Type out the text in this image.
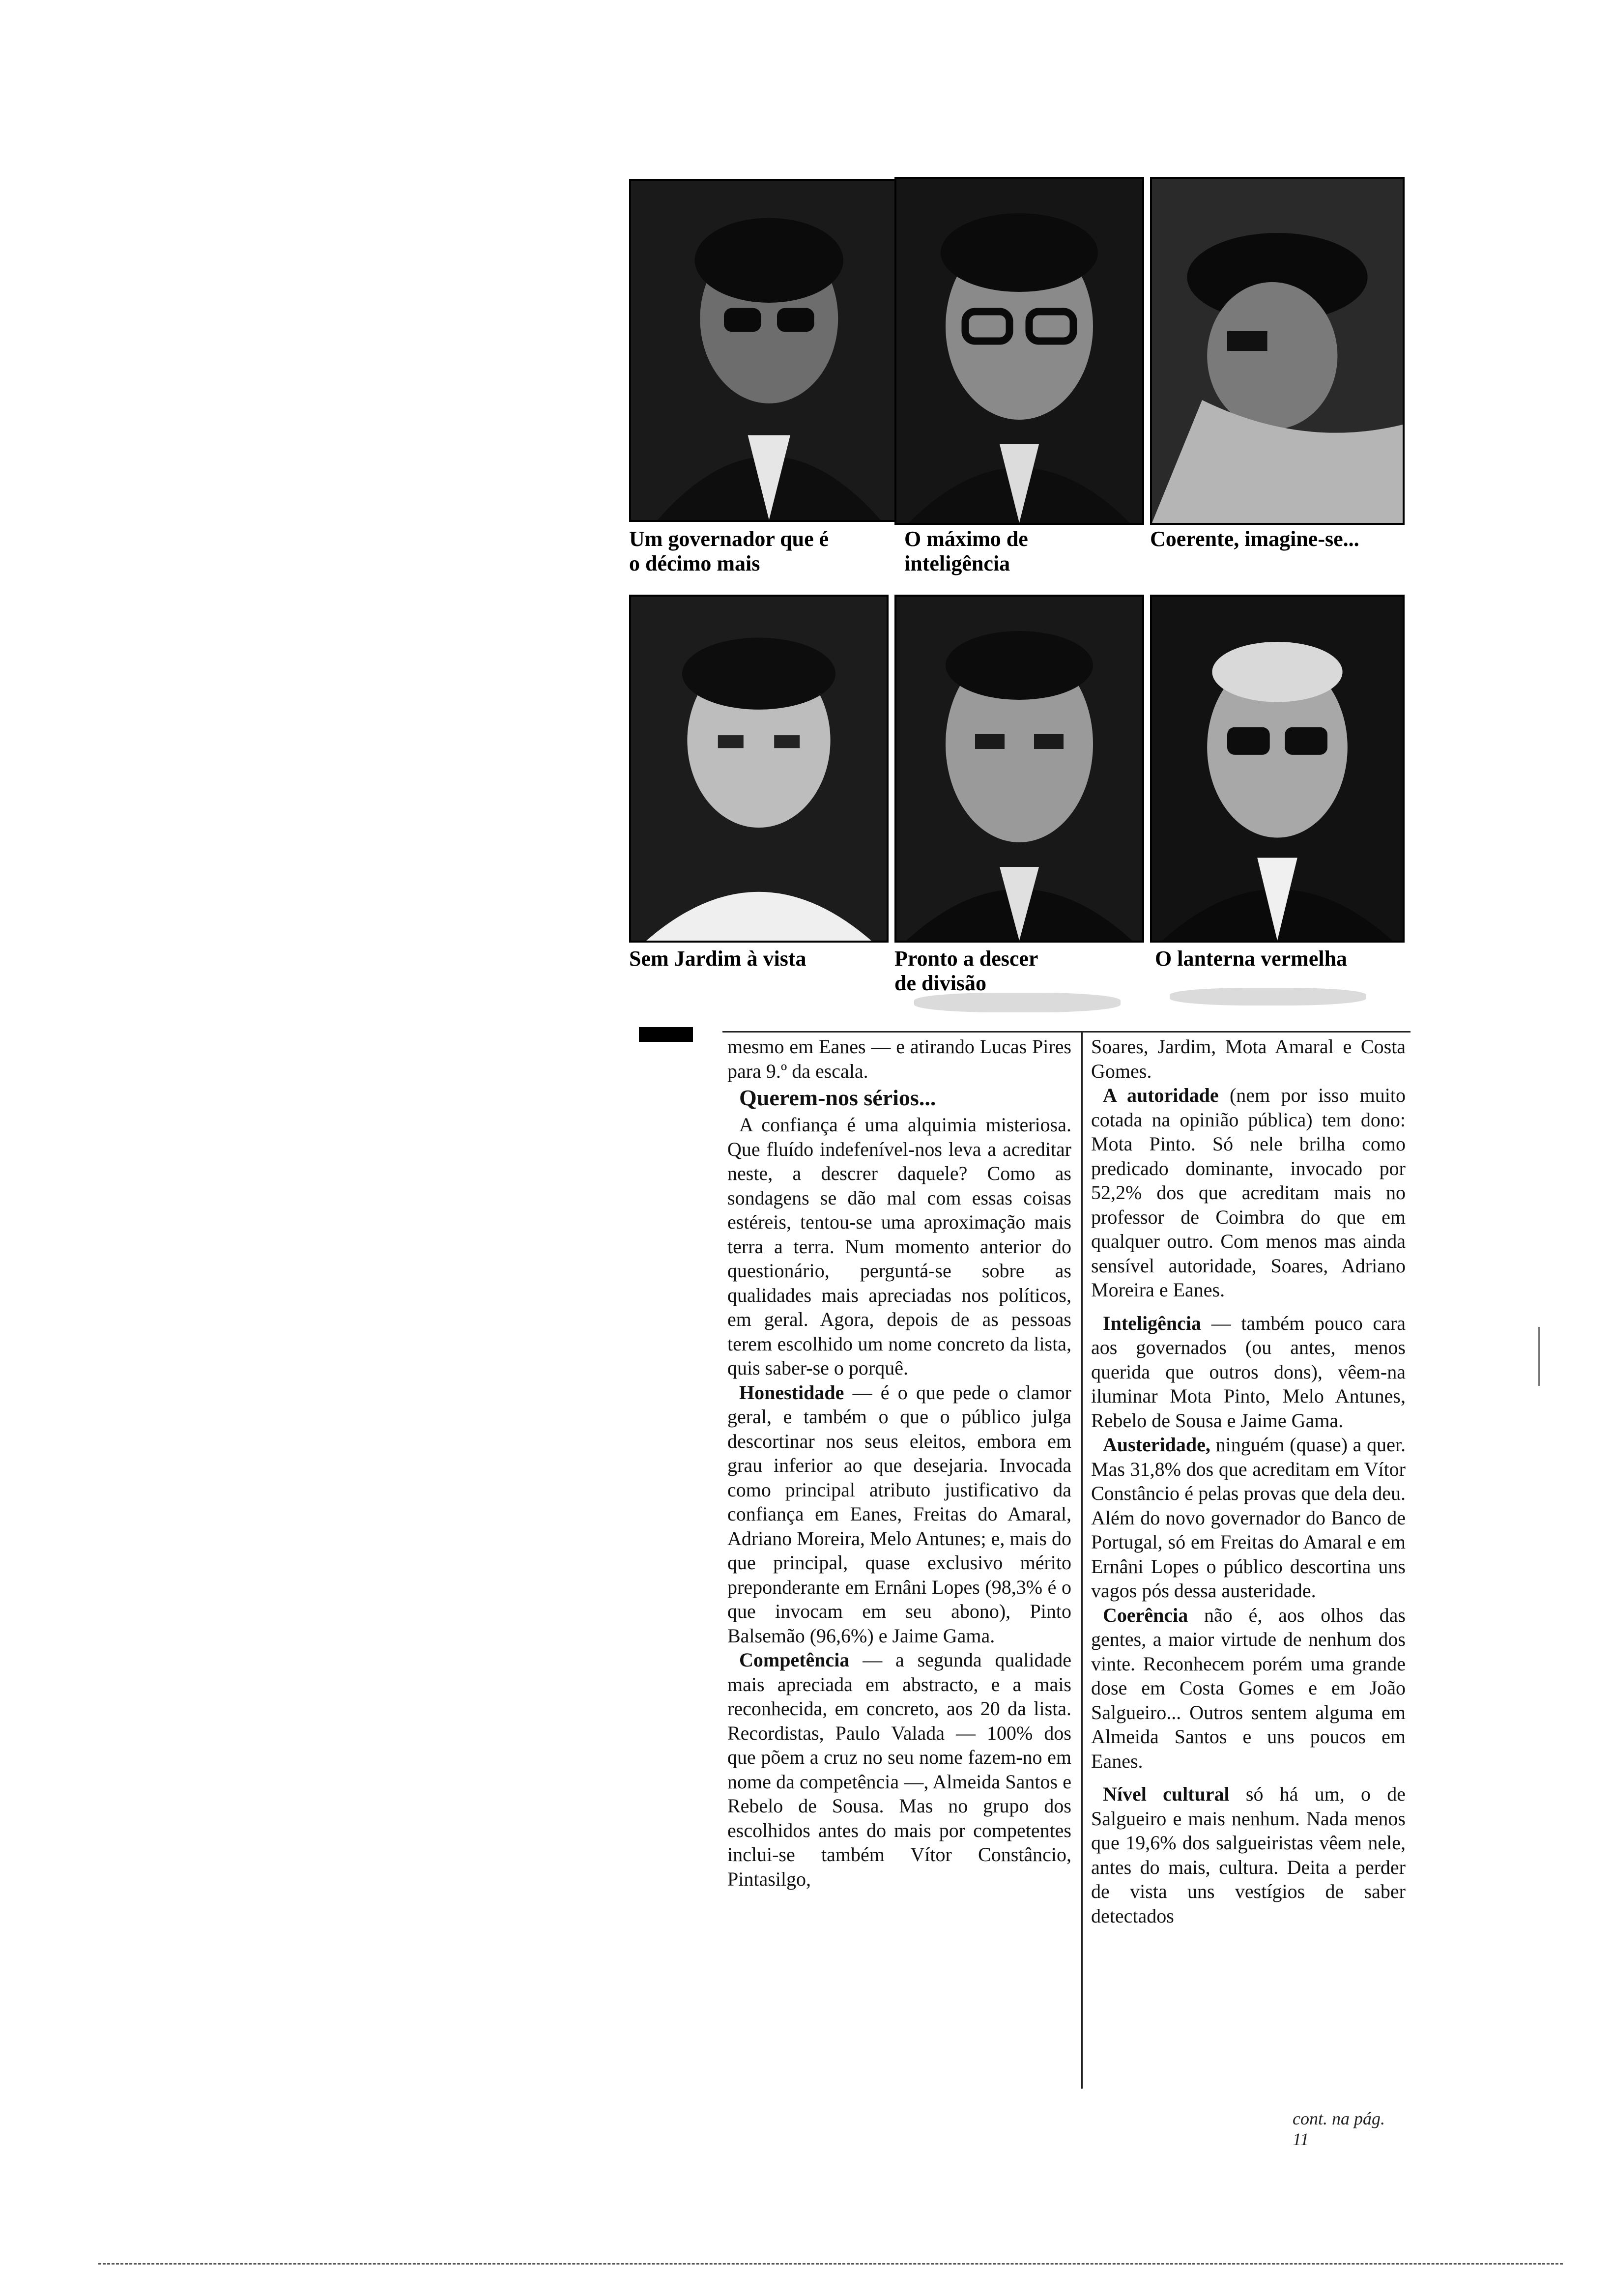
Um governador que é o décimo mais

O máximo de inteligência

Coerente, imagine-se...

Sem Jardim à vista	Pronto a descer de divisão

O lanterna vermelha

mesmo em Eanes — e atirando Lucas Pires para 9.º da escala.

Querem-nos sérios...

A confiança é uma alquimia misteriosa. Que fluído indefenível-nos leva a acreditar neste, a descrer daquele? Como as sondagens se dão mal com essas coisas estéreis, tentou-se uma aproximação mais terra a terra. Num momento anterior do questionário, perguntá-se sobre as qualidades mais apreciadas nos políticos, em geral. Agora, depois de as pessoas terem escolhido um nome concreto da lista, quis saber-se o porquê.

Honestidade — é o que pede o clamor geral, e também o que o público julga descortinar nos seus eleitos, embora em grau inferior ao que desejaria. Invocada como principal atributo justificativo da confiança em Eanes, Freitas do Amaral, Adriano Moreira, Melo Antunes; e, mais do que principal, quase exclusivo mérito preponderante em Ernâni Lopes (98,3% é o que invocam em seu abono), Pinto Balsemão (96,6%) e Jaime Gama.

Competência — a segunda qualidade mais apreciada em abstracto, e a mais reconhecida, em concreto, aos 20 da lista. Recordistas, Paulo Valada — 100% dos que põem a cruz no seu nome fazem-no em nome da competência —, Almeida Santos e Rebelo de Sousa. Mas no grupo dos escolhidos antes do mais por competentes inclui-se também Vítor Constâncio, Pintasilgo,

Soares, Jardim, Mota Amaral e Costa Gomes.

A autoridade (nem por isso muito cotada na opinião pública) tem dono: Mota Pinto. Só nele brilha como predicado dominante, invocado por 52,2% dos que acreditam mais no professor de Coimbra do que em qualquer outro. Com menos mas ainda sensível autoridade, Soares, Adriano Moreira e Eanes.

Inteligência — também pouco cara aos governados (ou antes, menos querida que outros dons), vêem-na iluminar Mota Pinto, Melo Antunes, Rebelo de Sousa e Jaime Gama.

Austeridade, ninguém (quase) a quer. Mas 31,8% dos que acreditam em Vítor Constâncio é pelas provas que dela deu. Além do novo governador do Banco de Portugal, só em Freitas do Amaral e em Ernâni Lopes o público descortina uns vagos pós dessa austeridade.

Coerência não é, aos olhos das gentes, a maior virtude de nenhum dos vinte. Reconhecem porém uma grande dose em Costa Gomes e em João Salgueiro... Outros sentem alguma em Almeida Santos e uns poucos em Eanes.

Nível cultural só há um, o de Salgueiro e mais nenhum. Nada menos que 19,6% dos salgueiristas vêem nele, antes do mais, cultura. Deita a perder de vista uns vestígios de saber detectados

cont. na pág. 11
